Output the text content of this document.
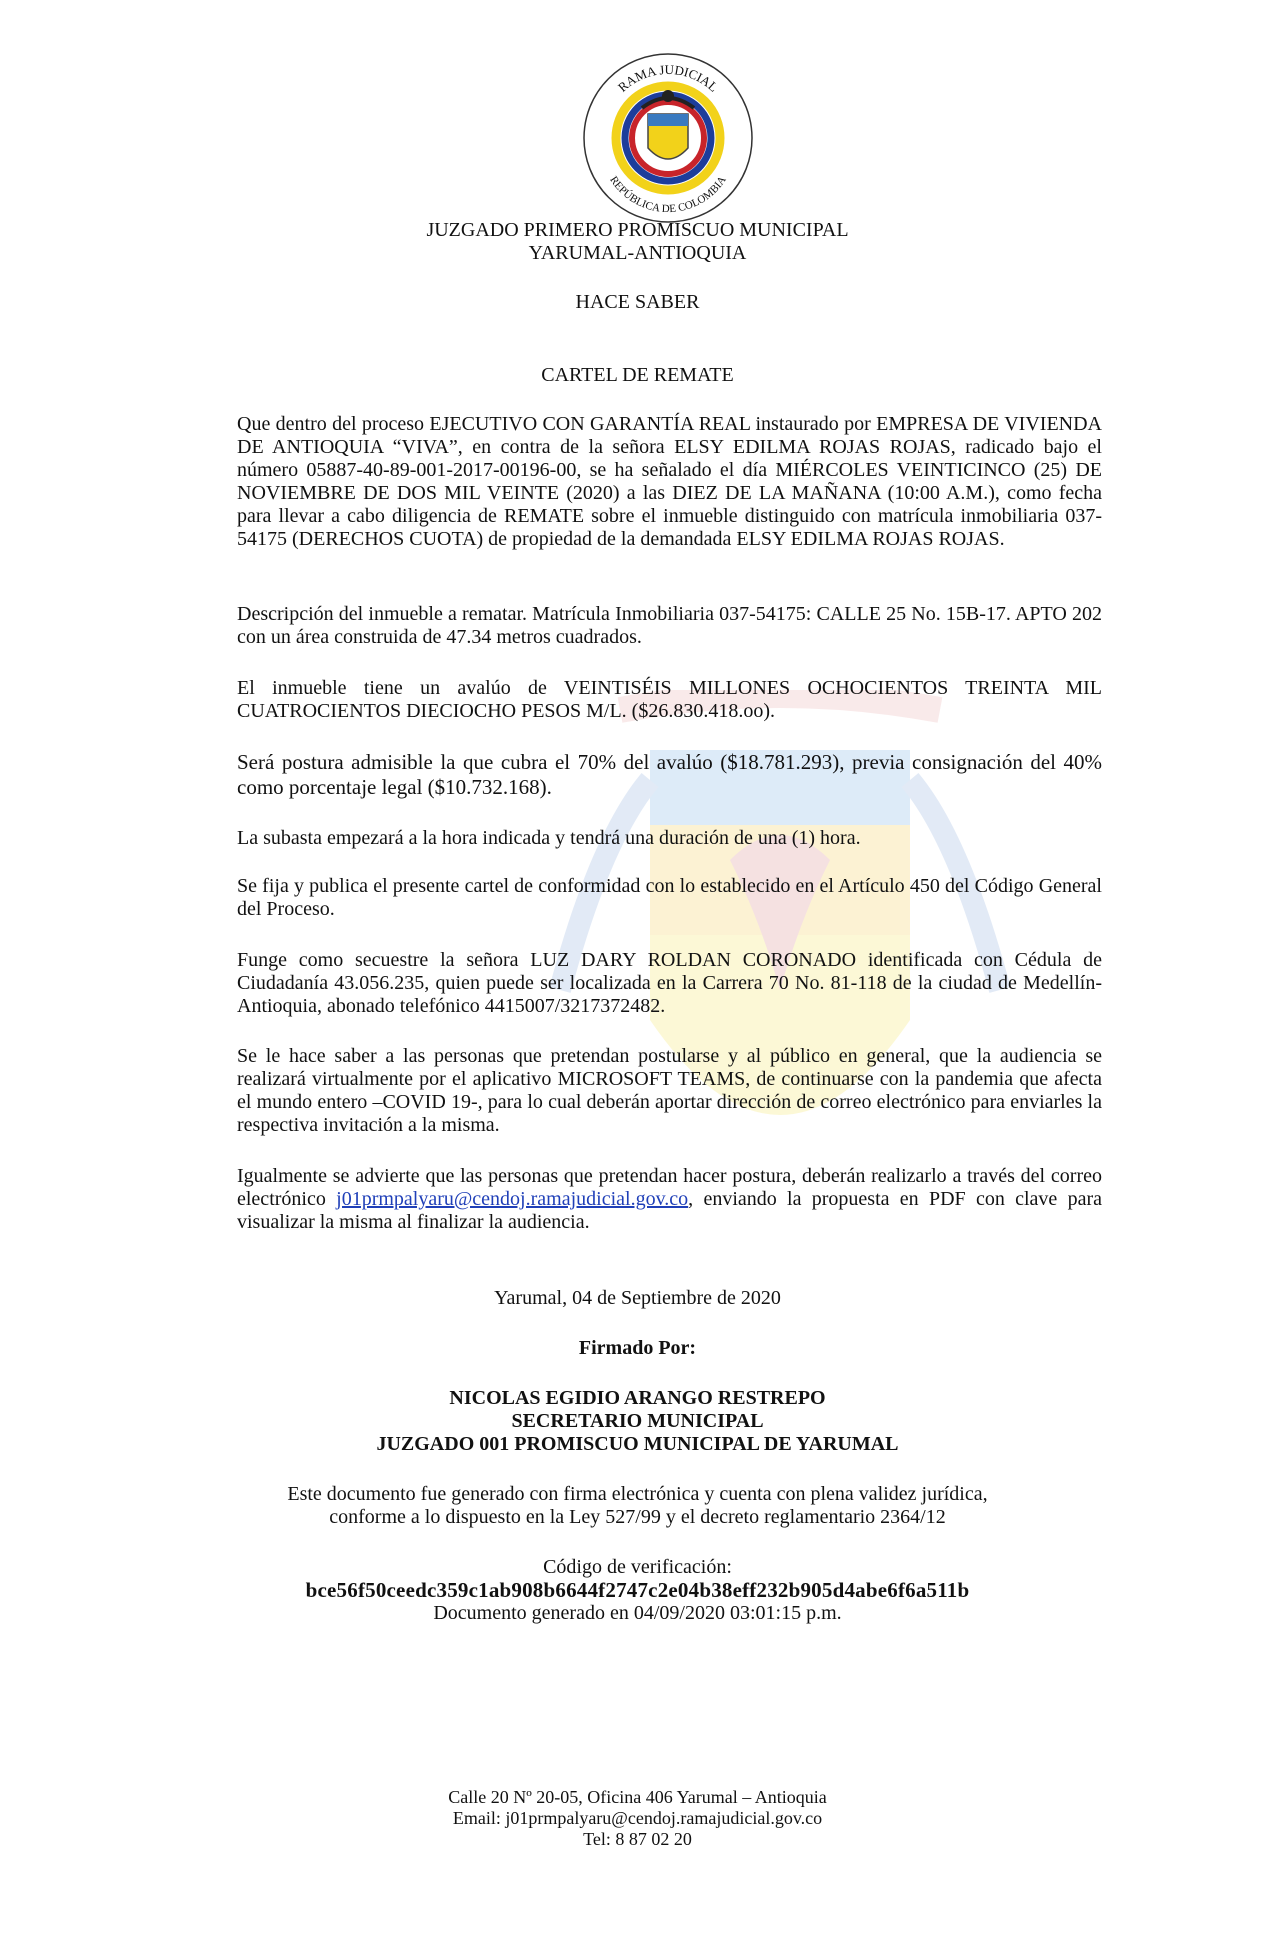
RAMA JUDICIAL
REPÚBLICA DE COLOMBIA
JUZGADO PRIMERO PROMISCUO MUNICIPAL
YARUMAL-ANTIOQUIA
HACE SABER
CARTEL DE REMATE

Que dentro del proceso EJECUTIVO CON GARANTÍA REAL instaurado por EMPRESA DE VIVIENDA DE ANTIOQUIA “VIVA”, en contra de la señora ELSY EDILMA ROJAS ROJAS, radicado bajo el número 05887-40-89-001-2017-00196-00, se ha señalado el día MIÉRCOLES VEINTICINCO (25) DE NOVIEMBRE DE DOS MIL VEINTE (2020) a las DIEZ DE LA MAÑANA (10:00 A.M.), como fecha para llevar a cabo diligencia de REMATE sobre el inmueble distinguido con matrícula inmobiliaria 037-54175 (DERECHOS CUOTA) de propiedad de la demandada ELSY EDILMA ROJAS ROJAS.

Descripción del inmueble a rematar. Matrícula Inmobiliaria 037-54175: CALLE 25 No. 15B-17. APTO 202 con un área construida de 47.34 metros cuadrados.

El inmueble tiene un avalúo de VEINTISÉIS MILLONES OCHOCIENTOS TREINTA MIL CUATROCIENTOS DIECIOCHO PESOS M/L. ($26.830.418.oo).

Será postura admisible la que cubra el 70% del avalúo ($18.781.293), previa consignación del 40% como porcentaje legal ($10.732.168).

La subasta empezará a la hora indicada y tendrá una duración de una (1) hora.

Se fija y publica el presente cartel de conformidad con lo establecido en el Artículo 450 del Código General del Proceso.

Funge como secuestre la señora LUZ DARY ROLDAN CORONADO identificada con Cédula de Ciudadanía 43.056.235, quien puede ser localizada en la Carrera 70 No. 81-118 de la ciudad de Medellín-Antioquia, abonado telefónico 4415007/3217372482.

Se le hace saber a las personas que pretendan postularse y al público en general, que la audiencia se realizará virtualmente por el aplicativo MICROSOFT TEAMS, de continuarse con la pandemia que afecta el mundo entero –COVID 19-, para lo cual deberán aportar dirección de correo electrónico para enviarles la respectiva invitación a la misma.

Igualmente se advierte que las personas que pretendan hacer postura, deberán realizarlo a través del correo electrónico j01prmpalyaru@cendoj.ramajudicial.gov.co, enviando la propuesta en PDF con clave para visualizar la misma al finalizar la audiencia.

Yarumal, 04 de Septiembre de 2020
Firmado Por:
NICOLAS EGIDIO ARANGO RESTREPO
SECRETARIO MUNICIPAL
JUZGADO 001 PROMISCUO MUNICIPAL DE YARUMAL
Este documento fue generado con firma electrónica y cuenta con plena validez jurídica,
conforme a lo dispuesto en la Ley 527/99 y el decreto reglamentario 2364/12
Código de verificación:
bce56f50ceedc359c1ab908b6644f2747c2e04b38eff232b905d4abe6f6a511b
Documento generado en 04/09/2020 03:01:15 p.m.
Calle 20 Nº 20-05, Oficina 406 Yarumal – Antioquia
Email: j01prmpalyaru@cendoj.ramajudicial.gov.co
Tel: 8 87 02 20
